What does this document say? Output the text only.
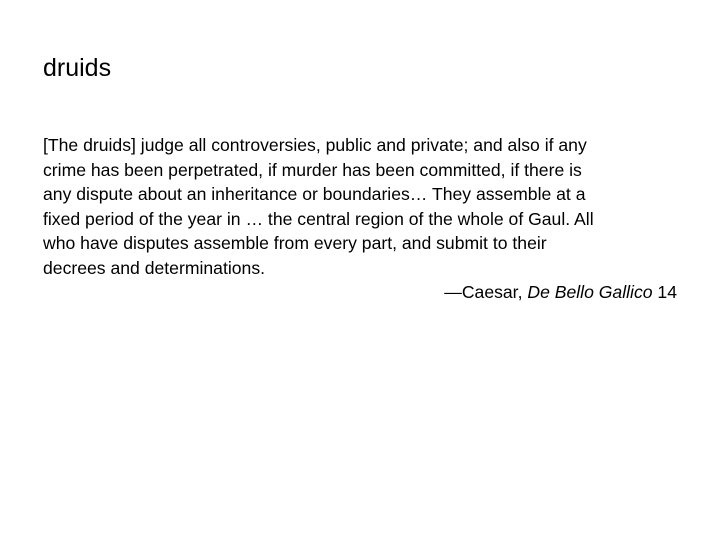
druids
[The druids] judge all controversies, public and private; and also if any
crime has been perpetrated, if murder has been committed, if there is
any dispute about an inheritance or boundaries… They assemble at a
fixed period of the year in … the central region of the whole of Gaul. All
who have disputes assemble from every part, and submit to their
decrees and determinations.
—Caesar, De Bello Gallico 14
